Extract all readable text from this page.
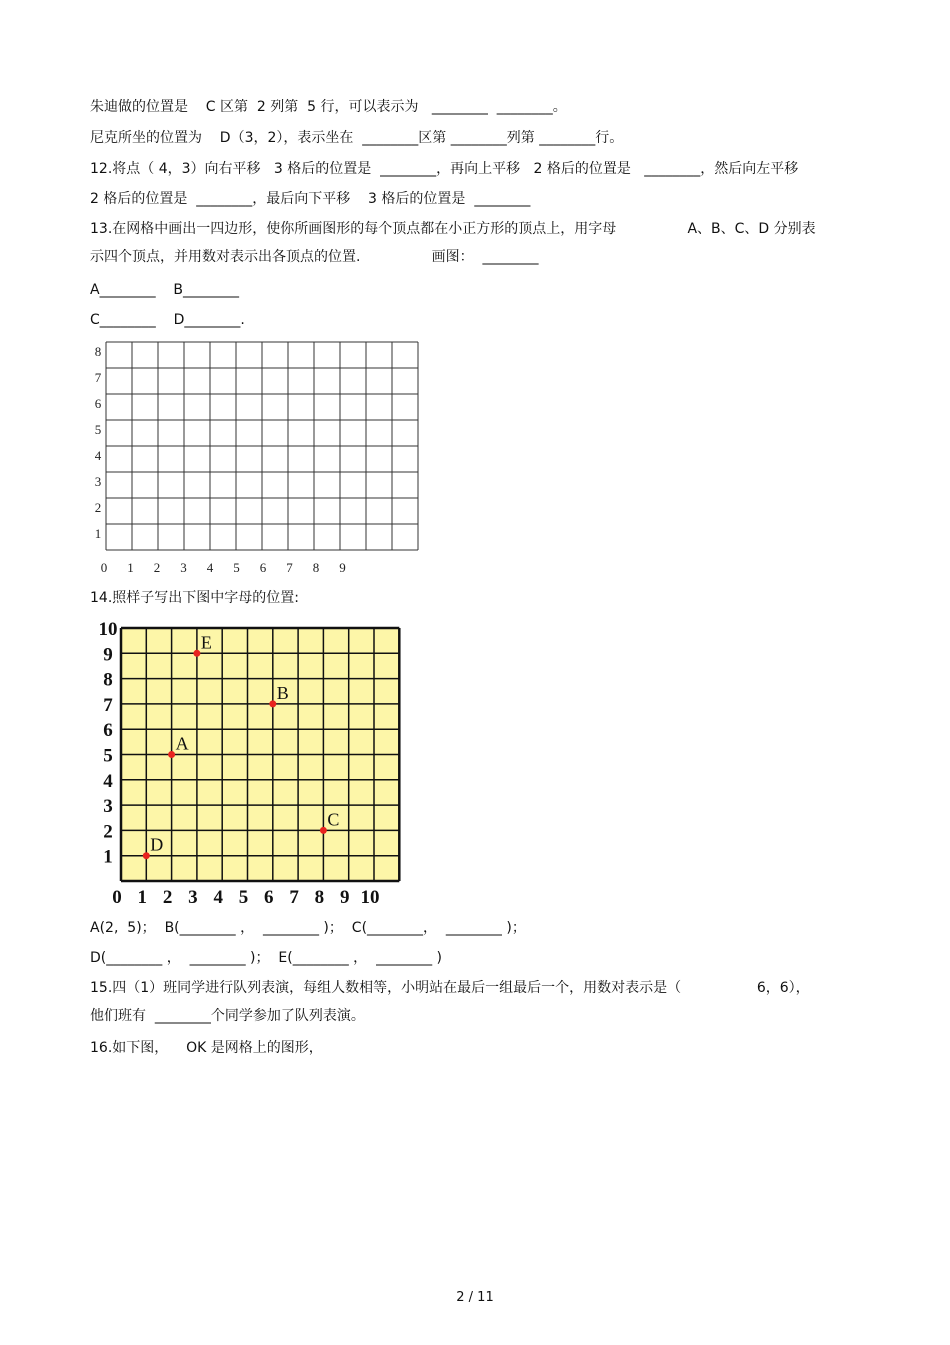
朱迪做的位置是    C 区第  2 列第  5 行，可以表示为   ________  ________。
尼克所坐的位置为    D（3，2），表示坐在  ________区第 ________列第 ________行。
12.将点（ 4，3）向右平移   3 格后的位置是  ________，再向上平移   2 格后的位置是   ________，然后向左平移
2 格后的位置是  ________，最后向下平移    3 格后的位置是  ________
13.在网格中画出一四边形，使你所画图形的每个顶点都在小正方形的顶点上，用字母                A、B、C、D 分别表
示四个顶点，并用数对表示出各顶点的位置.                画图：  ________
A________    B________
C________    D________.
8
7
6
5
4
3
2
1
0 1 2 3 4 5 6 7 8 9
14.照样子写出下图中字母的位置:
10
9
8
7
6
5
4
3
2
1
0 1 2 3 4 5 6 7 8 9 10
E
B
A
C
D
A(2,  5)；  B(________ ，  ________ )；  C(________，  ________ )；
D(________ ，  ________ )；  E(________ ，  ________ )
15.四（1）班同学进行队列表演，每组人数相等，小明站在最后一组最后一个，用数对表示是（                 6，6），
他们班有  ________个同学参加了队列表演。
16.如下图，    OK 是网格上的图形，
2 / 11
